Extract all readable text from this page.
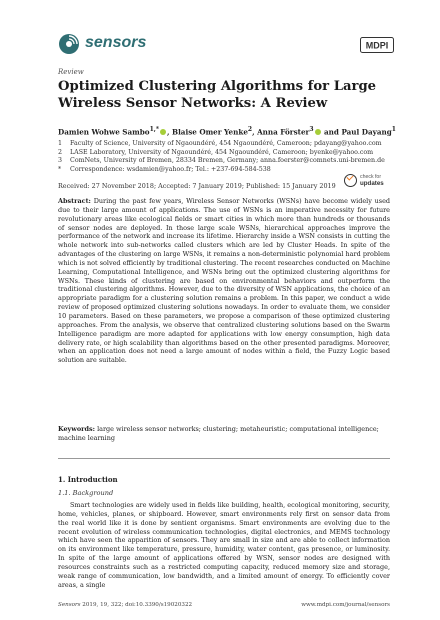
sensors	MDPI
Review
Optimized Clustering Algorithms for Large Wireless Sensor Networks: A Review
Damien Wohwe Sambo$^{1,*}$ , Blaise Omer Yenke$^2$, Anna Förster$^3$ and Paul Dayang$^1$
1	Faculty of Science, University of Ngaoundéré, 454 Ngaoundéré, Cameroon; pdayang@yahoo.com
2	LASE Laboratory, University of Ngaoundéré, 454 Ngaoundéré, Cameroon; byenke@yahoo.com
3	ComNets, University of Bremen, 28334 Bremen, Germany; anna.foerster@comnets.uni-bremen.de
*	Correspondence: wsdamien@yahoo.fr; Tel.: +237-694-584-538
Received: 27 November 2018; Accepted: 7 January 2019; Published: 15 January 2019
check for
updates
Abstract: During the past few years, Wireless Sensor Networks (WSNs) have become widely used due to their large amount of applications. The use of WSNs is an imperative necessity for future revolutionary areas like ecological fields or smart cities in which more than hundreds or thousands of sensor nodes are deployed. In those large scale WSNs, hierarchical approaches improve the performance of the network and increase its lifetime. Hierarchy inside a WSN consists in cutting the whole network into sub-networks called clusters which are led by Cluster Heads. In spite of the advantages of the clustering on large WSNs, it remains a non-deterministic polynomial hard problem which is not solved efficiently by traditional clustering. The recent researches conducted on Machine Learning, Computational Intelligence, and WSNs bring out the optimized clustering algorithms for WSNs. These kinds of clustering are based on environmental behaviors and outperform the traditional clustering algorithms. However, due to the diversity of WSN applications, the choice of an appropriate paradigm for a clustering solution remains a problem. In this paper, we conduct a wide review of proposed optimized clustering solutions nowadays. In order to evaluate them, we consider 10 parameters. Based on these parameters, we propose a comparison of these optimized clustering approaches. From the analysis, we observe that centralized clustering solutions based on the Swarm Intelligence paradigm are more adapted for applications with low energy consumption, high data delivery rate, or high scalability than algorithms based on the other presented paradigms. Moreover, when an application does not need a large amount of nodes within a field, the Fuzzy Logic based solution are suitable.
Keywords: large wireless sensor networks; clustering; metaheuristic; computational intelligence; machine learning
1. Introduction
1.1. Background
Smart technologies are widely used in fields like building, health, ecological monitoring, security, home, vehicles, planes, or shipboard. However, smart environments rely first on sensor data from the real world like it is done by sentient organisms. Smart environments are evolving due to the recent evolution of wireless communication technologies, digital electronics, and MEMS technology which have seen the apparition of sensors. They are small in size and are able to collect information on its environment like temperature, pressure, humidity, water content, gas presence, or luminosity. In spite of the large amount of applications offered by WSN, sensor nodes are designed with resources constraints such as a restricted computing capacity, reduced memory size and storage, weak range of communication, low bandwidth, and a limited amount of energy. To efficiently cover areas, a single
Sensors 2019, 19, 322; doi:10.3390/s19020322	www.mdpi.com/journal/sensors
